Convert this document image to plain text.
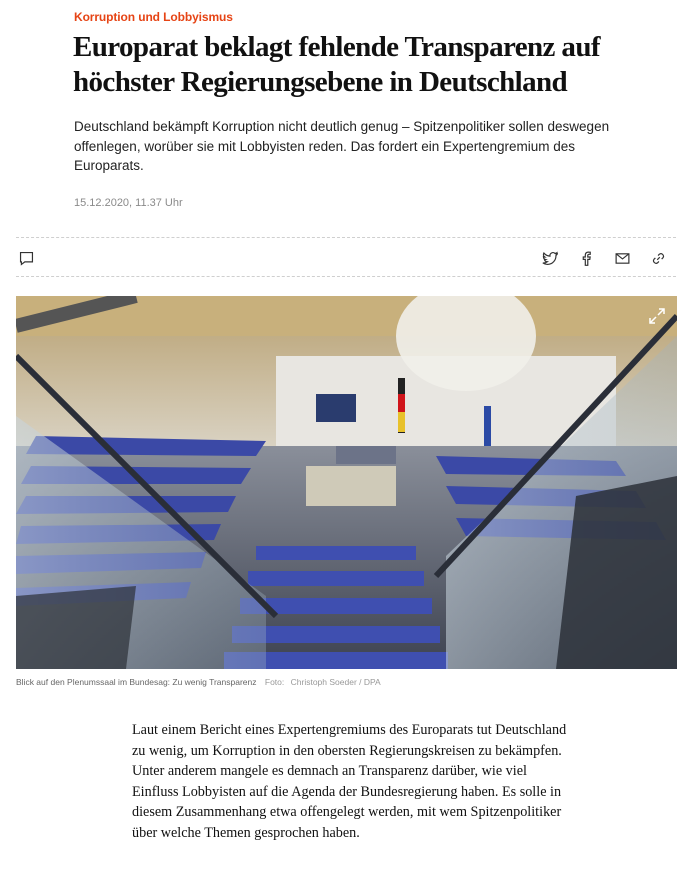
Korruption und Lobbyismus
Europarat beklagt fehlende Transparenz auf höchster Regierungsebene in Deutschland

Deutschland bekämpft Korruption nicht deutlich genug – Spitzenpolitiker sollen deswegen offenlegen, worüber sie mit Lobbyisten reden. Das fordert ein Expertengremium des Europarats.

15.12.2020, 11.37 Uhr
Blick auf den Plenumssaal im Bundesag: Zu wenig Transparenz Foto: Christoph Soeder / DPA

Laut einem Bericht eines Expertengremiums des Europarats tut Deutschland zu wenig, um Korruption in den obersten Regierungskreisen zu bekämpfen. Unter anderem mangele es demnach an Transparenz darüber, wie viel Einfluss Lobbyisten auf die Agenda der Bundesregierung haben. Es solle in diesem Zusammenhang etwa offengelegt werden, mit wem Spitzenpolitiker über welche Themen gesprochen haben.
